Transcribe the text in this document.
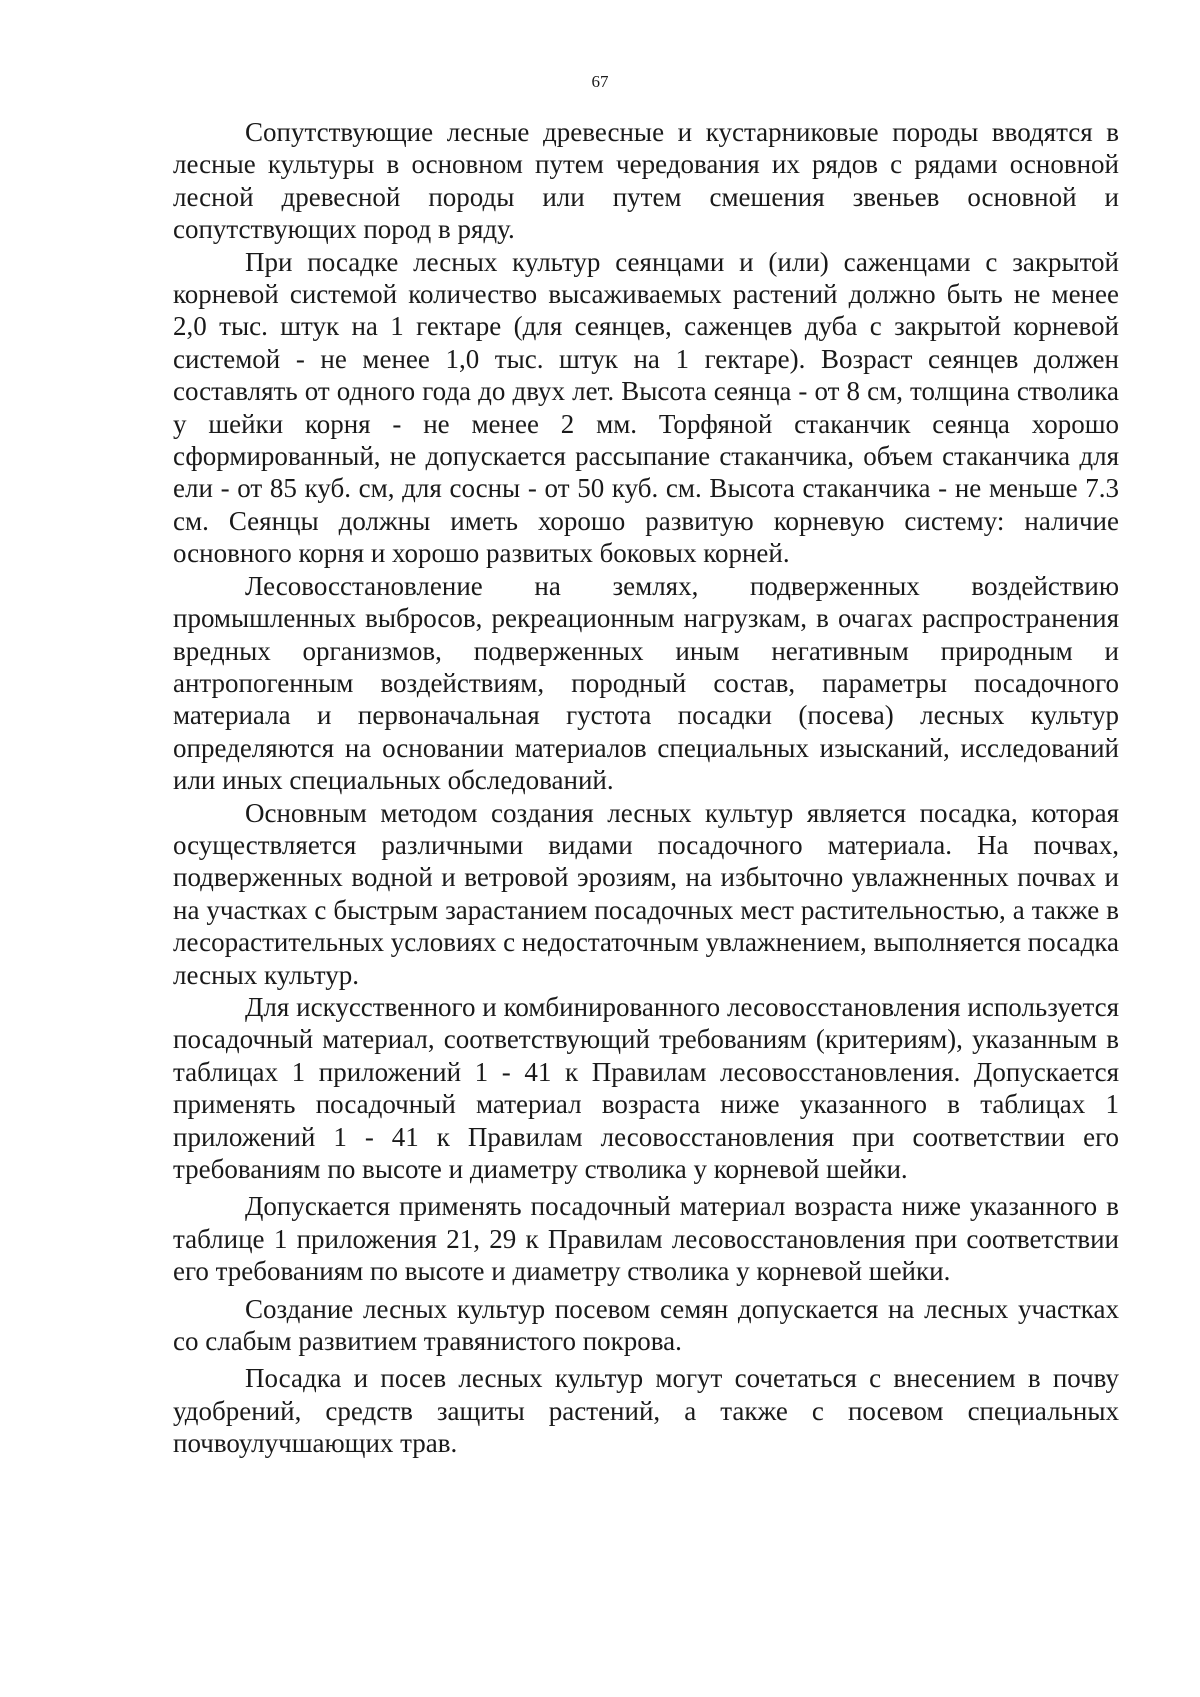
67

Сопутствующие лесные древесные и кустарниковые породы вводятся в лесные культуры в основном путем чередования их рядов с рядами основной лесной древесной породы или путем смешения звеньев основной и сопутствующих пород в ряду.

При посадке лесных культур сеянцами и (или) саженцами с закрытой корневой системой количество высаживаемых растений должно быть не менее 2,0 тыс. штук на 1 гектаре (для сеянцев, саженцев дуба с закрытой корневой системой - не менее 1,0 тыс. штук на 1 гектаре). Возраст сеянцев должен составлять от одного года до двух лет. Высота сеянца - от 8 см, толщина стволика у шейки корня - не менее 2 мм. Торфяной стаканчик сеянца хорошо сформированный, не допускается рассыпание стаканчика, объем стаканчика для ели - от 85 куб. см, для сосны - от 50 куб. см. Высота стаканчика - не меньше 7.3 см. Сеянцы должны иметь хорошо развитую корневую систему: наличие основного корня и хорошо развитых боковых корней.

Лесовосстановление на землях, подверженных воздействию промышленных выбросов, рекреационным нагрузкам, в очагах распространения вредных организмов, подверженных иным негативным природным и антропогенным воздействиям, породный состав, параметры посадочного материала и первоначальная густота посадки (посева) лесных культур определяются на основании материалов специальных изысканий, исследований или иных специальных обследований.

Основным методом создания лесных культур является посадка, которая осуществляется различными видами посадочного материала. На почвах, подверженных водной и ветровой эрозиям, на избыточно увлажненных почвах и на участках с быстрым зарастанием посадочных мест растительностью, а также в лесорастительных условиях с недостаточным увлажнением, выполняется посадка лесных культур.

Для искусственного и комбинированного лесовосстановления используется посадочный материал, соответствующий требованиям (критериям), указанным в таблицах 1 приложений 1 - 41 к Правилам лесовосстановления. Допускается применять посадочный материал возраста ниже указанного в таблицах 1 приложений 1 - 41 к Правилам лесовосстановления при соответствии его требованиям по высоте и диаметру стволика у корневой шейки.

Допускается применять посадочный материал возраста ниже указанного в таблице 1 приложения 21, 29 к Правилам лесовосстановления при соответствии его требованиям по высоте и диаметру стволика у корневой шейки.

Создание лесных культур посевом семян допускается на лесных участках со слабым развитием травянистого покрова.

Посадка и посев лесных культур могут сочетаться с внесением в почву удобрений, средств защиты растений, а также с посевом специальных почвоулучшающих трав.
